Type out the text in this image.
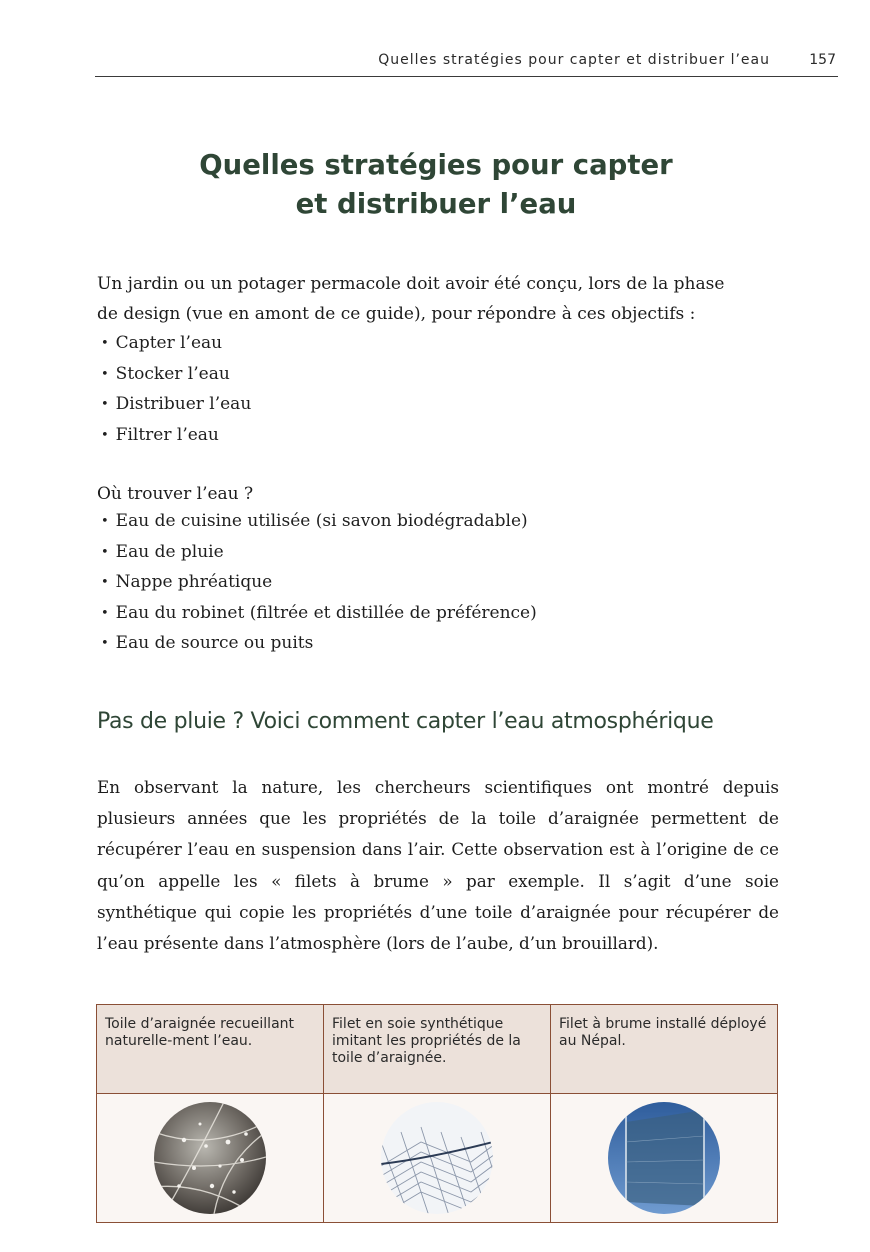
Quelles stratégies pour capter et distribuer l’eau	157
Quelles stratégies pour capter
et distribuer l’eau

Un jardin ou un potager permacole doit avoir été conçu, lors de la phase
de design (vue en amont de ce guide), pour répondre à ces objectifs :

• Capter l’eau
• Stocker l’eau
• Distribuer l’eau
• Filtrer l’eau

Où trouver l’eau ?

• Eau de cuisine utilisée (si savon biodégradable)
• Eau de pluie
• Nappe phréatique
• Eau du robinet (filtrée et distillée de préférence)
• Eau de source ou puits
Pas de pluie ? Voici comment capter l’eau atmosphérique

En observant la nature, les chercheurs scientifiques ont montré depuis plusieurs années que les propriétés de la toile d’araignée permettent de récupérer l’eau en suspension dans l’air. Cette observation est à l’origine de ce qu’on appelle les « filets à brume » par exemple. Il s’agit d’une soie synthétique qui copie les propriétés d’une toile d’araignée pour récupérer de l’eau présente dans l’atmosphère (lors de l’aube, d’un brouillard).

Toile d’araignée recueillant naturelle-ment l’eau.	Filet en soie synthétique imitant les propriétés de la toile d’araignée.	Filet à brume installé déployé au Népal.
